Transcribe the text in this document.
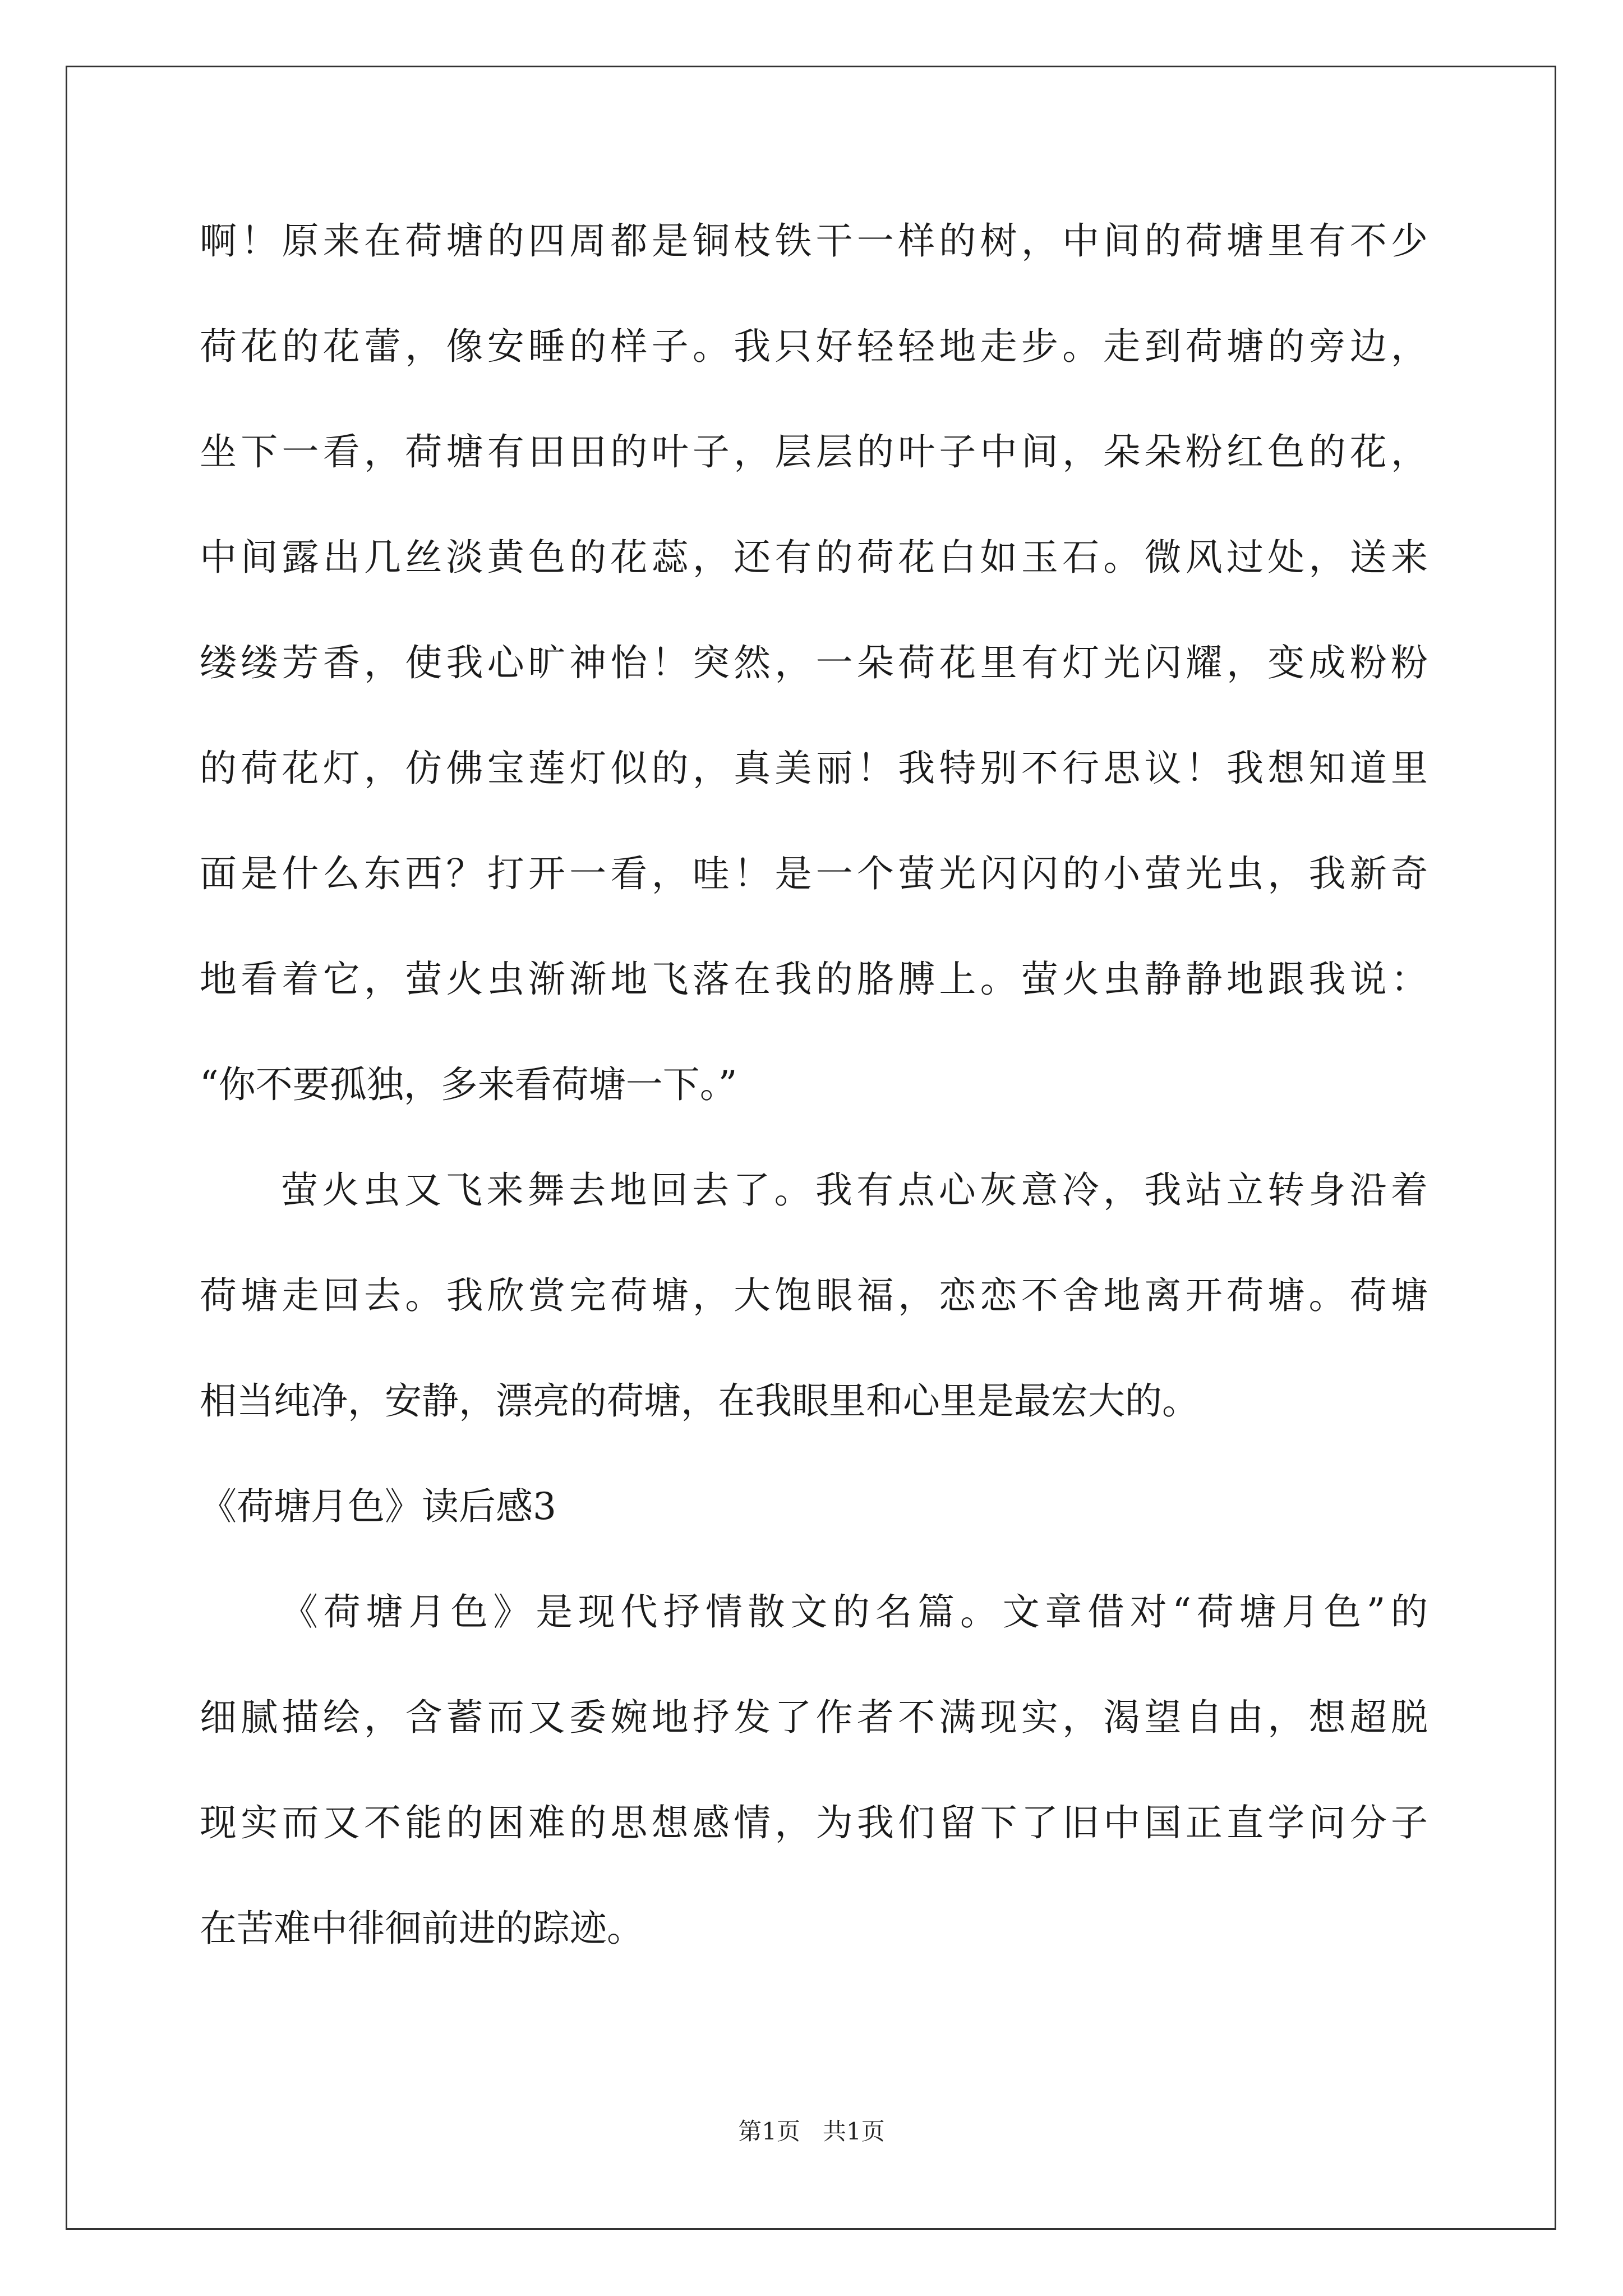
啊！原来在荷塘的四周都是铜枝铁干一样的树，中间的荷塘里有不少
荷花的花蕾，像安睡的样子。我只好轻轻地走步。走到荷塘的旁边，
坐下一看，荷塘有田田的叶子，层层的叶子中间，朵朵粉红色的花，
中间露出几丝淡黄色的花蕊，还有的荷花白如玉石。微风过处，送来
缕缕芳香，使我心旷神怡！突然，一朵荷花里有灯光闪耀，变成粉粉
的荷花灯，仿佛宝莲灯似的，真美丽！我特别不行思议！我想知道里
面是什么东西？打开一看，哇！是一个萤光闪闪的小萤光虫，我新奇
地看着它，萤火虫渐渐地飞落在我的胳膊上。萤火虫静静地跟我说：
“你不要孤独，多来看荷塘一下。”
萤火虫又飞来舞去地回去了。我有点心灰意冷，我站立转身沿着
荷塘走回去。我欣赏完荷塘，大饱眼福，恋恋不舍地离开荷塘。荷塘
相当纯净，安静，漂亮的荷塘，在我眼里和心里是最宏大的。
《荷塘月色》读后感3
《荷塘月色》是现代抒情散文的名篇。文章借对“荷塘月色”的
细腻描绘，含蓄而又委婉地抒发了作者不满现实，渴望自由，想超脱
现实而又不能的困难的思想感情，为我们留下了旧中国正直学问分子
在苦难中徘徊前进的踪迹。
第1页 共1页
